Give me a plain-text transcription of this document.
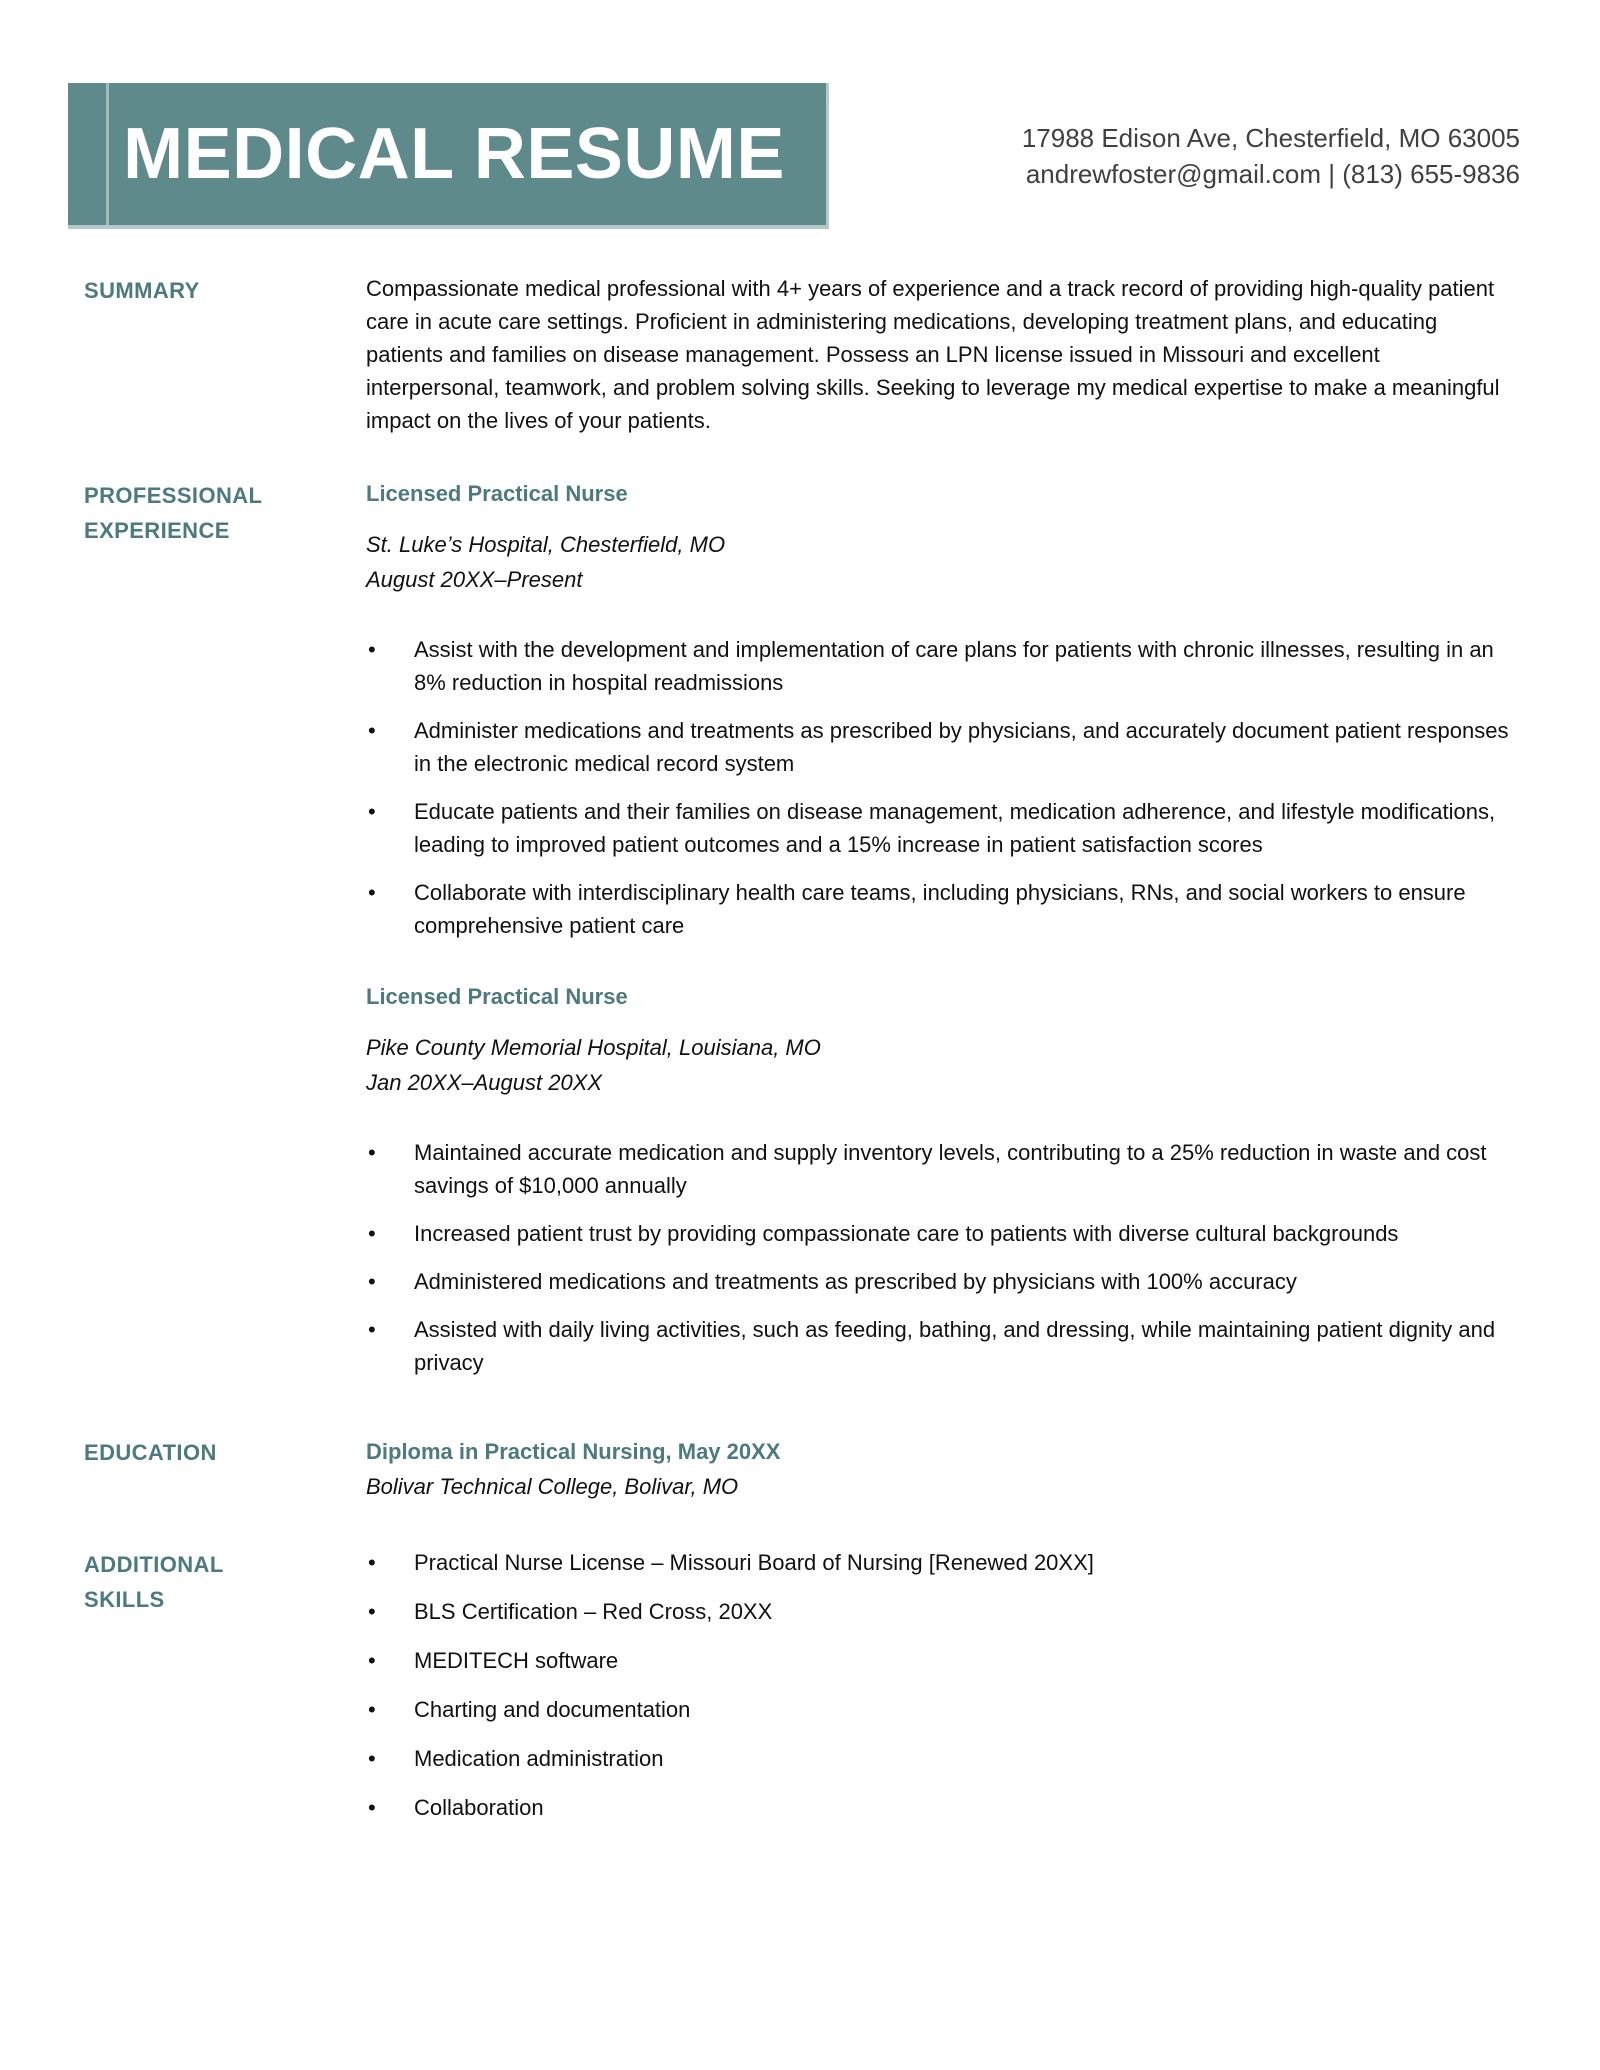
MEDICAL RESUME	17988 Edison Ave, Chesterfield, MO 63005
andrewfoster@gmail.com | (813) 655-9836
SUMMARY	Compassionate medical professional with 4+ years of experience and a track record of providing high-quality patient care in acute care settings. Proficient in administering medications, developing treatment plans, and educating patients and families on disease management. Possess an LPN license issued in Missouri and excellent interpersonal, teamwork, and problem solving skills. Seeking to leverage my medical expertise to make a meaningful impact on the lives of your patients.

PROFESSIONAL
EXPERIENCE
Licensed Practical Nurse
St. Luke’s Hospital, Chesterfield, MO
August 20XX–Present
• Assist with the development and implementation of care plans for patients with chronic illnesses, resulting in an 8% reduction in hospital readmissions
• Administer medications and treatments as prescribed by physicians, and accurately document patient responses in the electronic medical record system
• Educate patients and their families on disease management, medication adherence, and lifestyle modifications, leading to improved patient outcomes and a 15% increase in patient satisfaction scores
• Collaborate with interdisciplinary health care teams, including physicians, RNs, and social workers to ensure comprehensive patient care
Licensed Practical Nurse
Pike County Memorial Hospital, Louisiana, MO
Jan 20XX–August 20XX
• Maintained accurate medication and supply inventory levels, contributing to a 25% reduction in waste and cost savings of $10,000 annually
• Increased patient trust by providing compassionate care to patients with diverse cultural backgrounds
• Administered medications and treatments as prescribed by physicians with 100% accuracy
• Assisted with daily living activities, such as feeding, bathing, and dressing, while maintaining patient dignity and privacy
EDUCATION	Diploma in Practical Nursing, May 20XX
Bolivar Technical College, Bolivar, MO
ADDITIONAL
SKILLS
• Practical Nurse License – Missouri Board of Nursing [Renewed 20XX]
• BLS Certification – Red Cross, 20XX
• MEDITECH software
• Charting and documentation
• Medication administration
• Collaboration
